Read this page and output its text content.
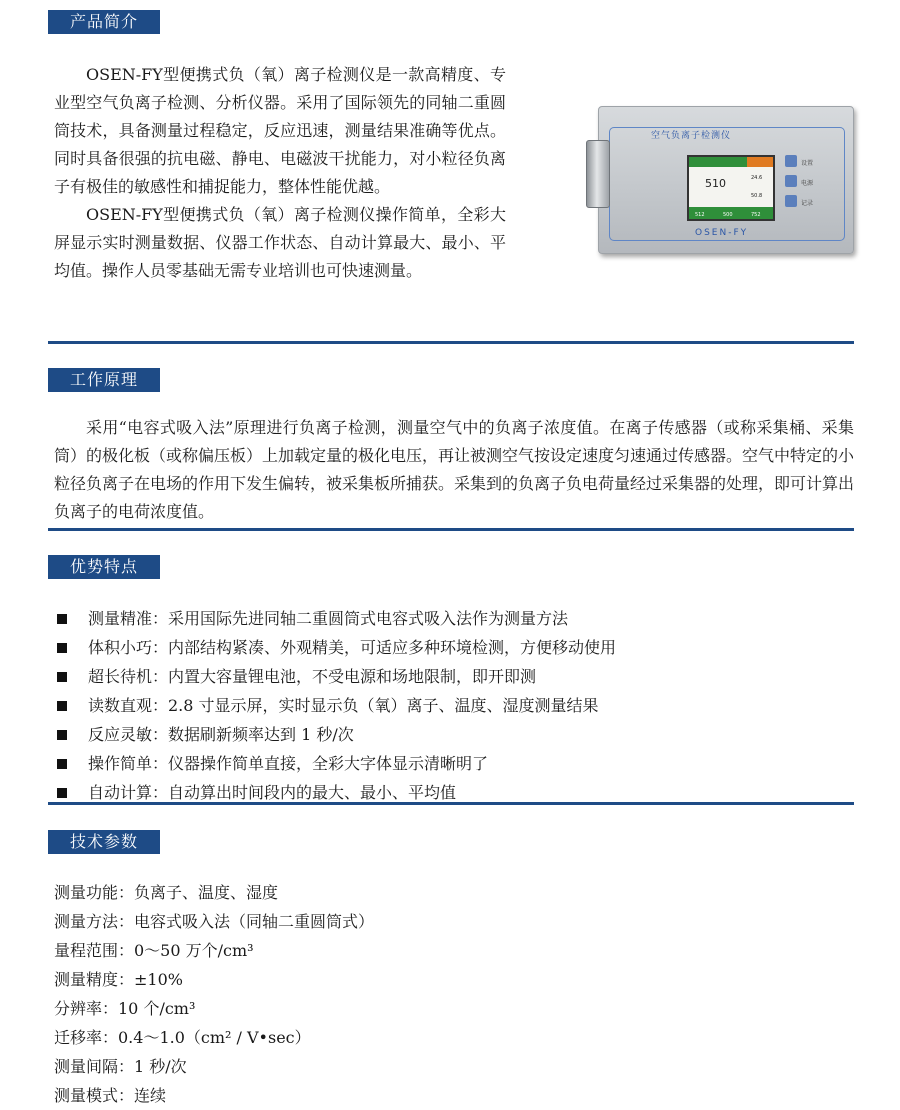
产品简介

OSEN-FY型便携式负（氧）离子检测仪是一款高精度、专业型空气负离子检测、分析仪器。采用了国际领先的同轴二重圆筒技术，具备测量过程稳定，反应迅速，测量结果准确等优点。同时具备很强的抗电磁、静电、电磁波干扰能力，对小粒径负离子有极佳的敏感性和捕捉能力，整体性能优越。

OSEN-FY型便携式负（氧）离子检测仪操作简单，全彩大屏显示实时测量数据、仪器工作状态、自动计算最大、最小、平均值。操作人员零基础无需专业培训也可快速测量。

空气负离子检测仪
510	24.6
50.8
512	500	752
设置
电源
记录
OSEN-FY
工作原理

采用“电容式吸入法”原理进行负离子检测，测量空气中的负离子浓度值。在离子传感器（或称采集桶、采集筒）的极化板（或称偏压板）上加载定量的极化电压，再让被测空气按设定速度匀速通过传感器。空气中特定的小粒径负离子在电场的作用下发生偏转，被采集板所捕获。采集到的负离子负电荷量经过采集器的处理，即可计算出负离子的电荷浓度值。

优势特点
测量精准：采用国际先进同轴二重圆筒式电容式吸入法作为测量方法
体积小巧：内部结构紧凑、外观精美，可适应多种环境检测，方便移动使用
超长待机：内置大容量锂电池，不受电源和场地限制，即开即测
读数直观：2.8 寸显示屏，实时显示负（氧）离子、温度、湿度测量结果
反应灵敏：数据刷新频率达到 1 秒/次
操作简单：仪器操作简单直接，全彩大字体显示清晰明了
自动计算：自动算出时间段内的最大、最小、平均值
技术参数
测量功能：负离子、温度、湿度
测量方法：电容式吸入法（同轴二重圆筒式）
量程范围：0～50 万个/cm³
测量精度：±10%
分辨率：10 个/cm³
迁移率：0.4～1.0（cm² / V•sec）
测量间隔：1 秒/次
测量模式：连续
